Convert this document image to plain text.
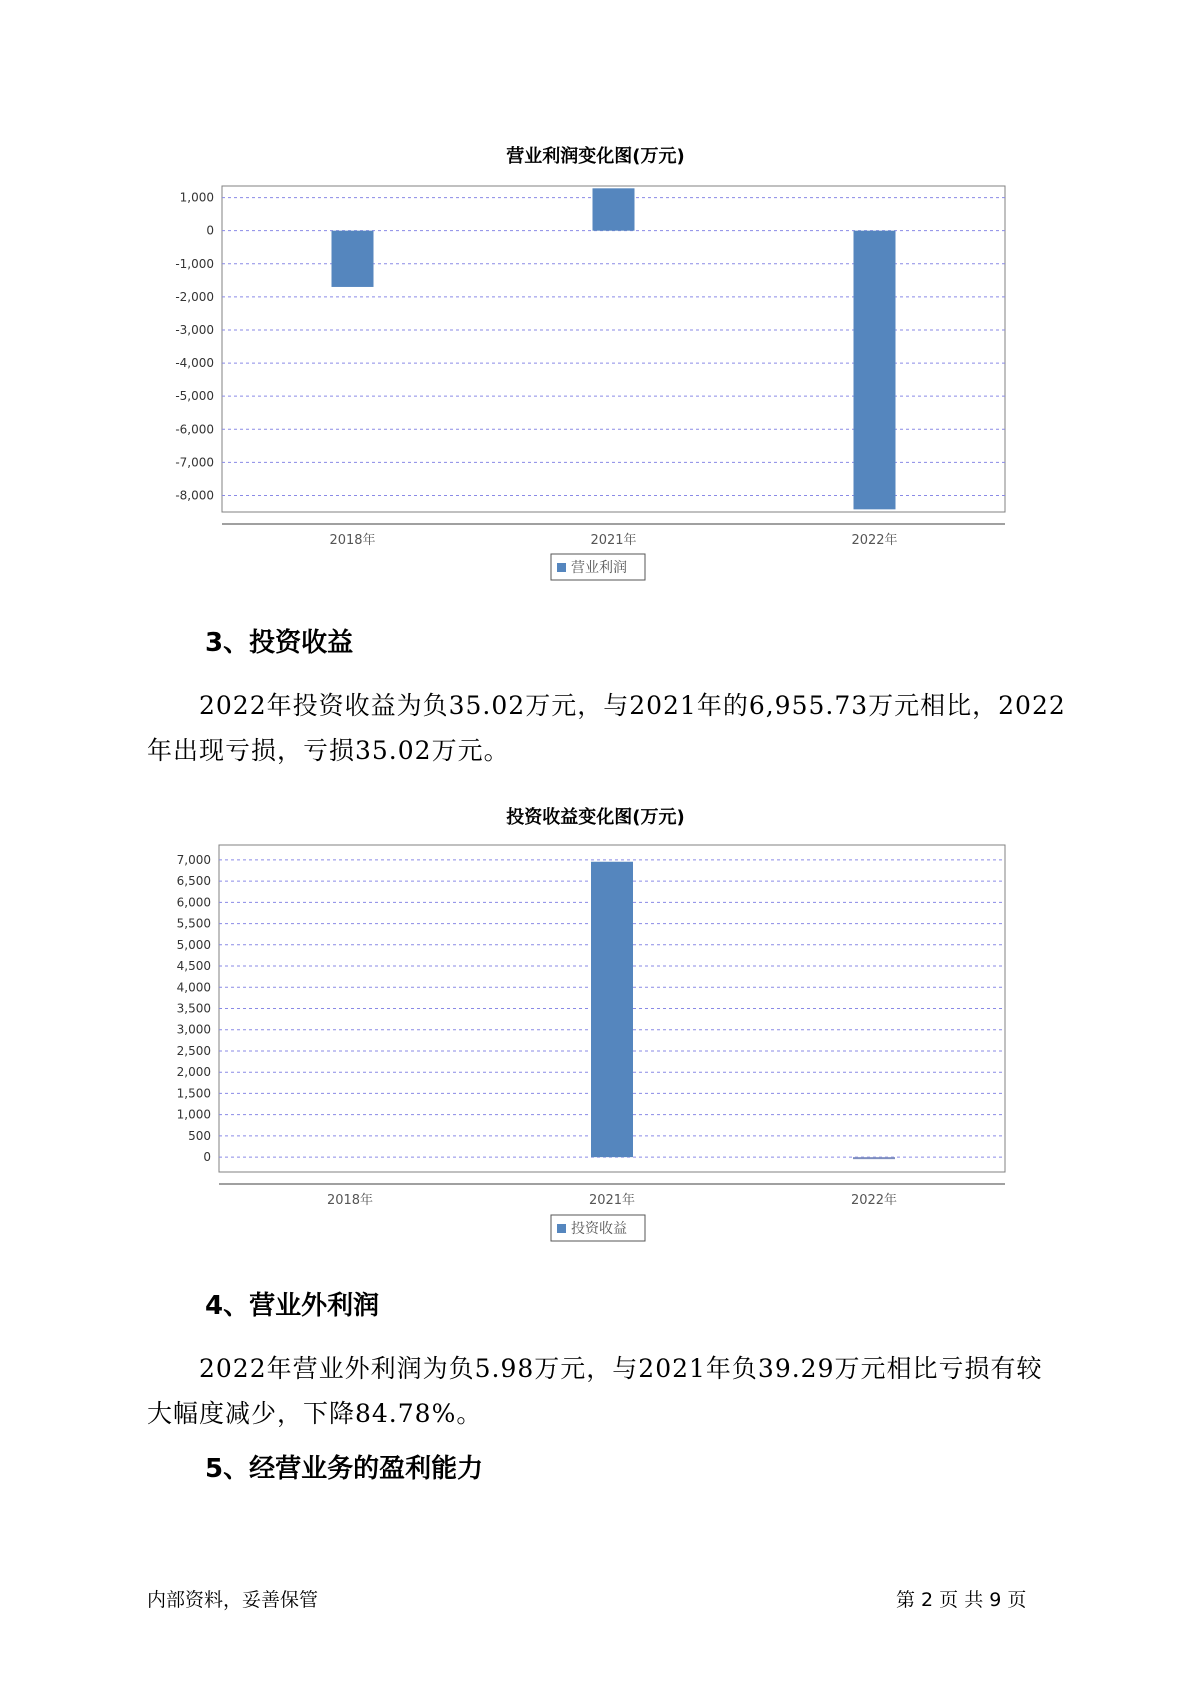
营业利润变化图(万元)
1,000
0
-1,000
-2,000
-3,000
-4,000
-5,000
-6,000
-7,000
-8,000
2018年	2021年	2022年
营业利润
3、投资收益
2022年投资收益为负35.02万元，与2021年的6,955.73万元相比，2022
年出现亏损，亏损35.02万元。
投资收益变化图(万元)
7,000
6,500
6,000
5,500
5,000
4,500
4,000
3,500
3,000
2,500
2,000
1,500
1,000
500
0
2018年	2021年	2022年
投资收益
4、营业外利润
2022年营业外利润为负5.98万元，与2021年负39.29万元相比亏损有较
大幅度减少，下降84.78%。
5、经营业务的盈利能力
内部资料，妥善保管	第 2 页 共 9 页
